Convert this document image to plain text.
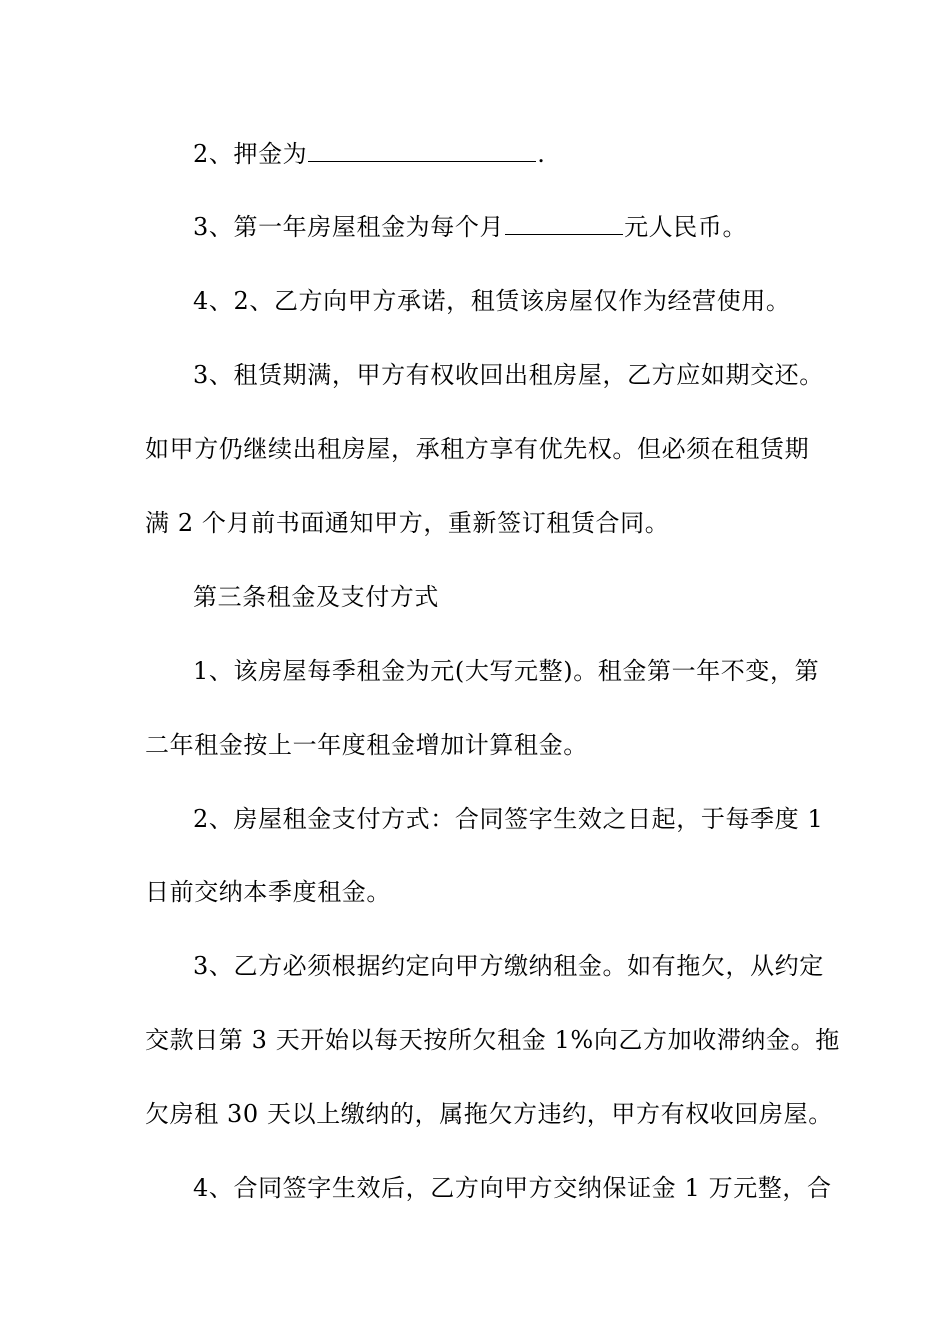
2、押金为	.
3、第一年房屋租金为每个月	元人民币。
4、2、乙方向甲方承诺，租赁该房屋仅作为经营使用。
3、租赁期满，甲方有权收回出租房屋，乙方应如期交还。
如甲方仍继续出租房屋，承租方享有优先权。但必须在租赁期
满 2 个月前书面通知甲方，重新签订租赁合同。
第三条租金及支付方式
1、该房屋每季租金为元(大写元整)。租金第一年不变，第
二年租金按上一年度租金增加计算租金。
2、房屋租金支付方式：合同签字生效之日起，于每季度 1
日前交纳本季度租金。
3、乙方必须根据约定向甲方缴纳租金。如有拖欠，从约定
交款日第 3 天开始以每天按所欠租金 1%向乙方加收滞纳金。拖
欠房租 30 天以上缴纳的，属拖欠方违约，甲方有权收回房屋。
4、合同签字生效后，乙方向甲方交纳保证金 1 万元整，合
